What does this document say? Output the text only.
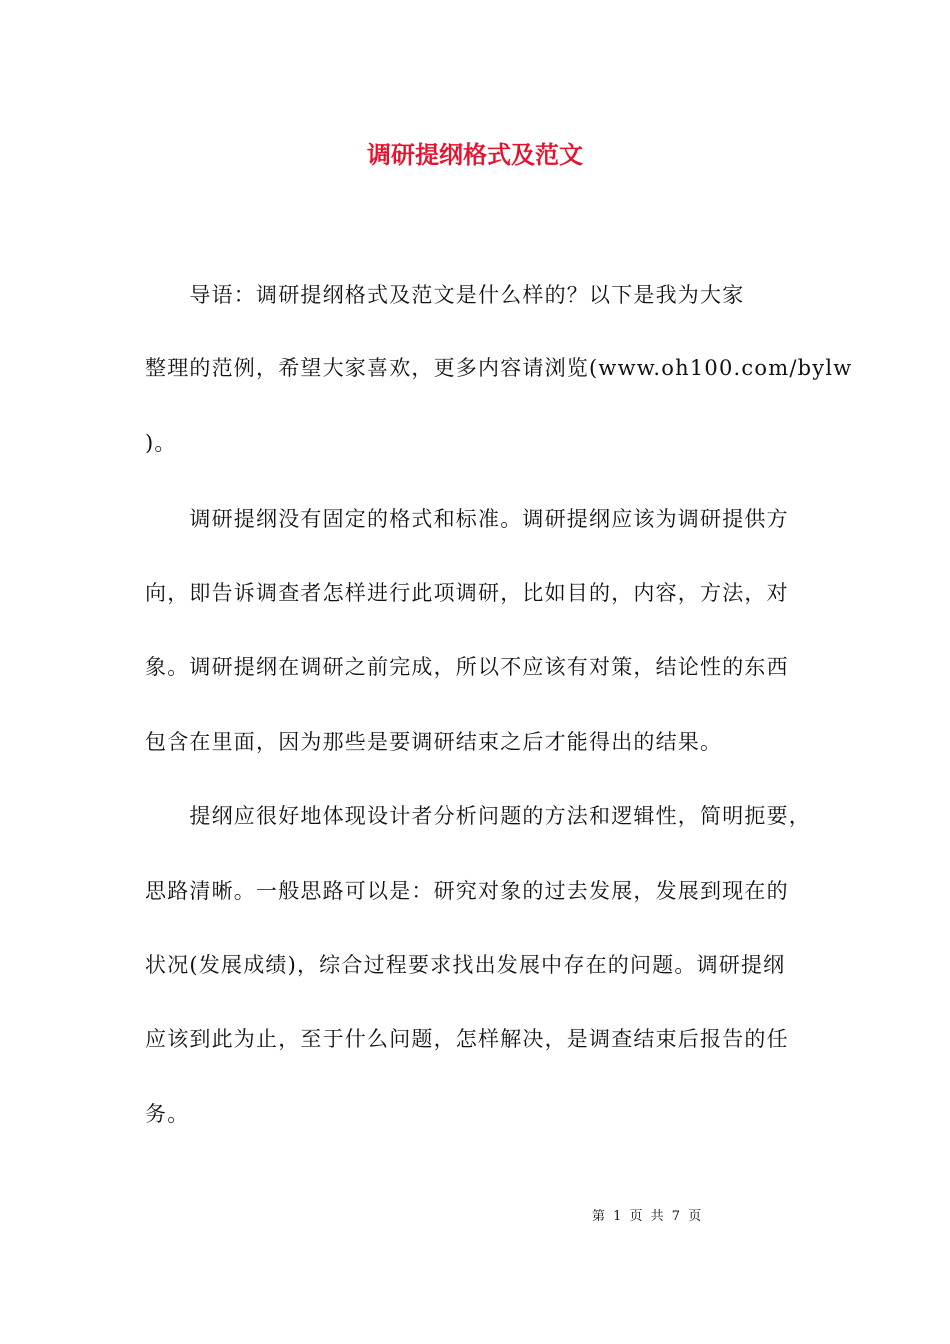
调研提纲格式及范文
　　导语：调研提纲格式及范文是什么样的？以下是我为大家
整理的范例，希望大家喜欢，更多内容请浏览(www.oh100.com/bylw
)。
　　调研提纲没有固定的格式和标准。调研提纲应该为调研提供方
向，即告诉调查者怎样进行此项调研，比如目的，内容，方法，对
象。调研提纲在调研之前完成，所以不应该有对策，结论性的东西
包含在里面，因为那些是要调研结束之后才能得出的结果。
　　提纲应很好地体现设计者分析问题的方法和逻辑性，简明扼要，
思路清晰。一般思路可以是：研究对象的过去发展，发展到现在的
状况(发展成绩)，综合过程要求找出发展中存在的问题。调研提纲
应该到此为止，至于什么问题，怎样解决，是调查结束后报告的任
务。

第 1 页 共 7 页
